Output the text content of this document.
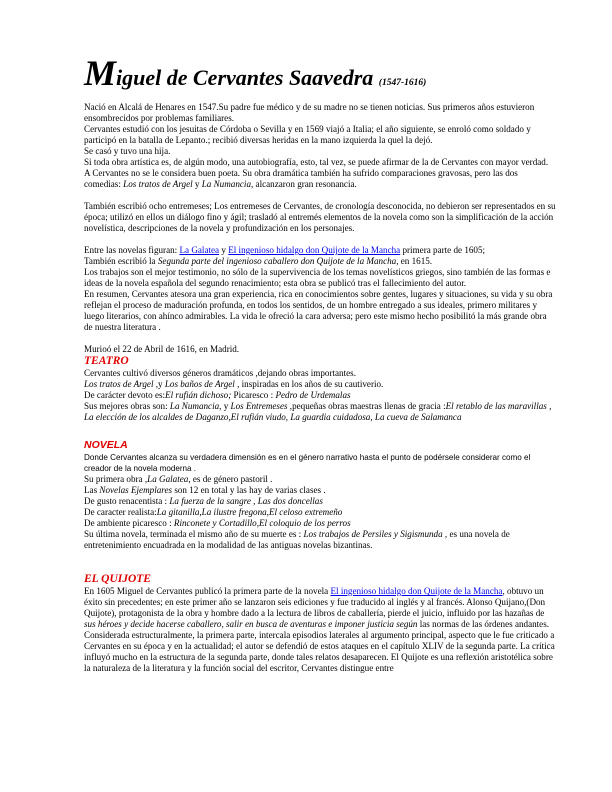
Miguel de Cervantes Saavedra (1547-1616)

Nació en Alcalá de Henares en 1547.Su padre fue médico y de su madre no se tienen noticias. Sus primeros años estuvieron ensombrecidos por problemas familiares.

Cervantes estudió con los jesuitas de Córdoba o Sevilla y en 1569 viajó a Italia; el año siguiente, se enroló como soldado y participó en la batalla de Lepanto.; recibió diversas heridas en la mano izquierda la quel la dejó.

Se casó y tuvo una hija.

Si toda obra artística es, de algún modo, una autobiografía, esto, tal vez, se puede afirmar de la de Cervantes con mayor verdad.

A Cervantes no se le considera buen poeta. Su obra dramática también ha sufrido comparaciones gravosas, pero las dos comedias: Los tratos de Argel y La Numancia, alcanzaron gran resonancia.

También escribió ocho entremeses; Los entremeses de Cervantes, de cronología desconocida, no debieron ser representados en su época; utilizó en ellos un diálogo fino y ágil; trasladó al entremés elementos de la novela como son la simplificación de la acción novelística, descripciones de la novela y profundización en los personajes.

Entre las novelas figuran: La Galatea y El ingenioso hidalgo don Quijote de la Mancha primera parte de 1605;

También escribió la Segunda parte del ingenioso caballero don Quijote de la Mancha, en 1615.

Los trabajos son el mejor testimonio, no sólo de la supervivencia de los temas novelísticos griegos, sino también de las formas e ideas de la novela española del segundo renacimiento; esta obra se publicó tras el fallecimiento del autor.

En resumen, Cervantes atesora una gran experiencia, rica en conocimientos sobre gentes, lugares y situaciones, su vida y su obra reflejan el proceso de maduración profunda, en todos los sentidos, de un hombre entregado a sus ideales, primero militares y luego literarios, con ahínco admirables. La vida le ofreció la cara adversa; pero este mismo hecho posibilitó la más grande obra de nuestra literatura .

Murioó el 22 de Abril de 1616, en Madrid.

TEATRO

Cervantes cultivó diversos géneros dramáticos ,dejando obras importantes.

Los tratos de Argel ,y Los baños de Argel , inspiradas en los años de su cautiverio.

De carácter devoto es:El rufián dichoso; Picaresco : Pedro de Urdemalas

Sus mejores obras son: La Numancia, y Los Entremeses ,pequeñas obras maestras llenas de gracia :El retablo de las maravillas , La elección de los alcaldes de Daganzo,El rufián viudo, La guardia cuidadosa, La cueva de Salamanca

NOVELA

Donde Cervantes alcanza su verdadera dimensión es en el género narrativo hasta el punto de podérsele considerar como el creador de la novela moderna .

Su primera obra ,La Galatea, es de género pastoril .

Las Novelas Ejemplares son 12 en total y las hay de varias clases .

De gusto renacentista : La fuerza de la sangre , Las dos doncellas

De caracter realista:La gitanilla,La ilustre fregona,El celoso extremeño

De ambiente picaresco : Rinconete y Cortadillo,El coloquio de los perros

Su última novela, terminada el mismo año de su muerte es : Los trabajos de Persiles y Sigismunda , es una novela de entretenimiento encuadrada en la modalidad de las antiguas novelas bizantinas.

EL QUIJOTE

En 1605 Miguel de Cervantes publicó la primera parte de la novela El ingenioso hidalgo don Quijote de la Mancha, obtuvo un éxito sin precedentes; en este primer año se lanzaron seis ediciones y fue traducido al inglés y al francés. Alonso Quijano,(Don Quijote), protagonista de la obra y hombre dado a la lectura de libros de caballería, pierde el juicio, influido por las hazañas de sus héroes y decide hacerse caballero, salir en busca de aventuras e imponer justicia según las normas de las órdenes andantes.

Considerada estructuralmente, la primera parte, intercala episodios laterales al argumento principal, aspecto que le fue criticado a Cervantes en su época y en la actualidad; el autor se defendió de estos ataques en el capítulo XLIV de la segunda parte. La crítica influyó mucho en la estructura de la segunda parte, donde tales relatos desaparecen. El Quijote es una reflexión aristotélica sobre la naturaleza de la literatura y la función social del escritor, Cervantes distingue entre
